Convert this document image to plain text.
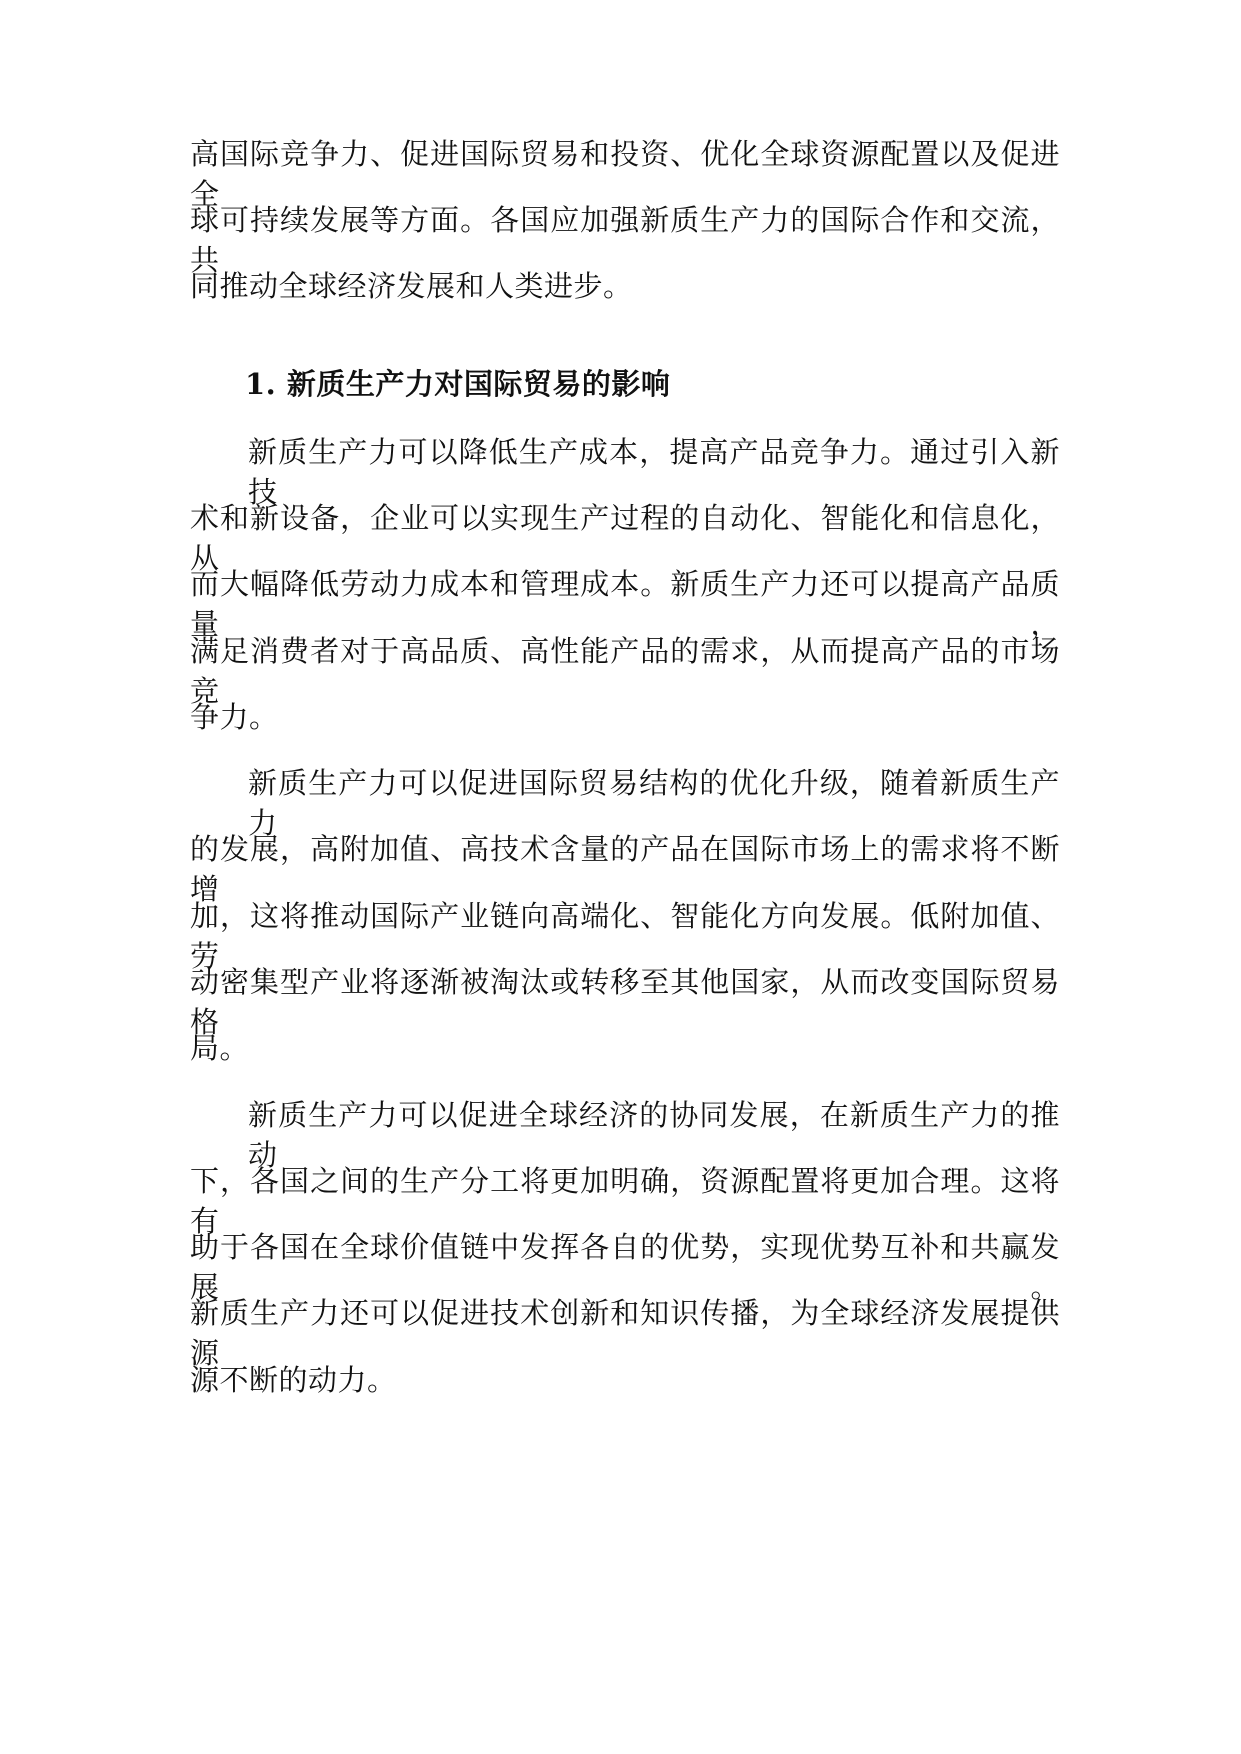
高国际竞争力、促进国际贸易和投资、优化全球资源配置以及促进全
球可持续发展等方面。各国应加强新质生产力的国际合作和交流，共
同推动全球经济发展和人类进步。
1. 新质生产力对国际贸易的影响
新质生产力可以降低生产成本，提高产品竞争力。通过引入新技
术和新设备，企业可以实现生产过程的自动化、智能化和信息化，从
而大幅降低劳动力成本和管理成本。新质生产力还可以提高产品质量，
满足消费者对于高品质、高性能产品的需求，从而提高产品的市场竞
争力。
新质生产力可以促进国际贸易结构的优化升级，随着新质生产力
的发展，高附加值、高技术含量的产品在国际市场上的需求将不断增
加，这将推动国际产业链向高端化、智能化方向发展。低附加值、劳
动密集型产业将逐渐被淘汰或转移至其他国家，从而改变国际贸易格
局。
新质生产力可以促进全球经济的协同发展，在新质生产力的推动
下，各国之间的生产分工将更加明确，资源配置将更加合理。这将有
助于各国在全球价值链中发挥各自的优势，实现优势互补和共赢发展。
新质生产力还可以促进技术创新和知识传播，为全球经济发展提供源
源不断的动力。
